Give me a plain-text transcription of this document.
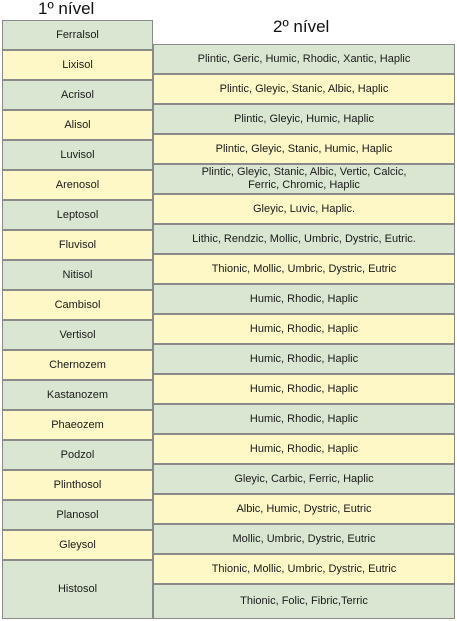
1º nível
2º nível
Ferralsol
Lixisol
Acrisol
Alisol
Luvisol
Arenosol
Leptosol
Fluvisol
Nitisol
Cambisol
Vertisol
Chernozem
Kastanozem
Phaeozem
Podzol
Plinthosol
Planosol
Gleysol
Histosol
Plintic, Geric, Humic, Rhodic, Xantic, Haplic
Plintic, Gleyic, Stanic, Albic, Haplic
Plintic, Gleyic, Humic, Haplic
Plintic, Gleyic, Stanic, Humic, Haplic
Plintic, Gleyic, Stanic, Albic, Vertic, Calcic,
Ferric, Chromic, Haplic
Gleyic, Luvic, Haplic.
Lithic, Rendzic, Mollic, Umbric, Dystric, Eutric.
Thionic, Mollic, Umbric, Dystric, Eutric
Humic, Rhodic, Haplic
Humic, Rhodic, Haplic
Humic, Rhodic, Haplic
Humic, Rhodic, Haplic
Humic, Rhodic, Haplic
Humic, Rhodic, Haplic
Gleyic, Carbic, Ferric, Haplic
Albic, Humic, Dystric, Eutric
Mollic, Umbric, Dystric, Eutric
Thionic, Mollic, Umbric, Dystric, Eutric
Thionic, Folic, Fibric,Terric
